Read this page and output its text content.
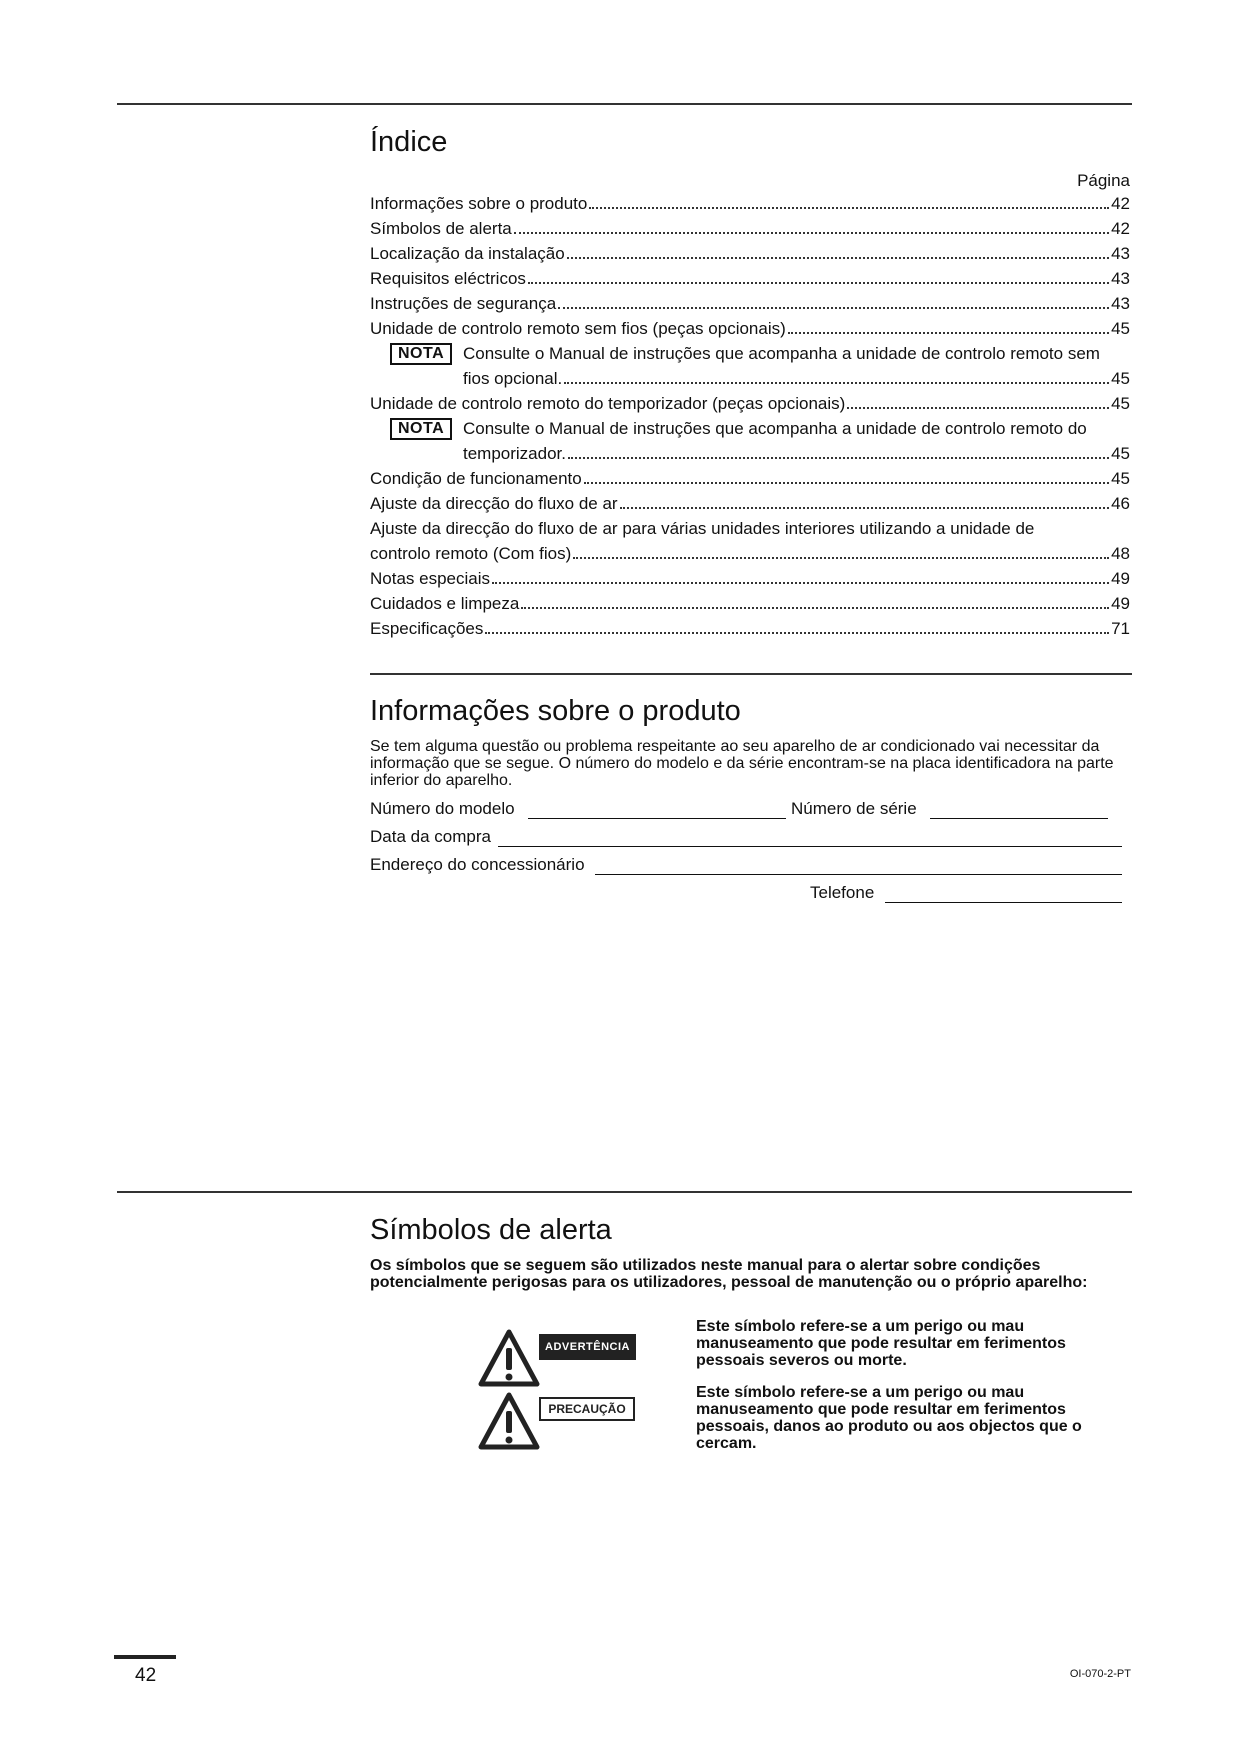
Índice
Página
Informações sobre o produto	42
Símbolos de alerta	42
Localização da instalação	43
Requisitos eléctricos	43
Instruções de segurança	43
Unidade de controlo remoto sem fios (peças opcionais)	45
NOTA	Consulte o Manual de instruções que acompanha a unidade de controlo remoto sem
fios opcional.	45
Unidade de controlo remoto do temporizador (peças opcionais)	45
NOTA	Consulte o Manual de instruções que acompanha a unidade de controlo remoto do
temporizador.	45
Condição de funcionamento	45
Ajuste da direcção do fluxo de ar	46
Ajuste da direcção do fluxo de ar para várias unidades interiores utilizando a unidade de
controlo remoto (Com fios)	48
Notas especiais	49
Cuidados e limpeza	49
Especificações	71
Informações sobre o produto

Se tem alguma questão ou problema respeitante ao seu aparelho de ar condicionado vai necessitar da informação que se segue. O número do modelo e da série encontram-se na placa identificadora na parte inferior do aparelho.

Número do modelo	Número de série
Data da compra
Endereço do concessionário
Telefone
Símbolos de alerta

Os símbolos que se seguem são utilizados neste manual para o alertar sobre condições potencialmente perigosas para os utilizadores, pessoal de manutenção ou o próprio aparelho:

ADVERTÊNCIA
PRECAUÇÃO

Este símbolo refere-se a um perigo ou mau manuseamento que pode resultar em ferimentos pessoais severos ou morte.

Este símbolo refere-se a um perigo ou mau manuseamento que pode resultar em ferimentos pessoais, danos ao produto ou aos objectos que o cercam.

42	OI-070-2-PT
